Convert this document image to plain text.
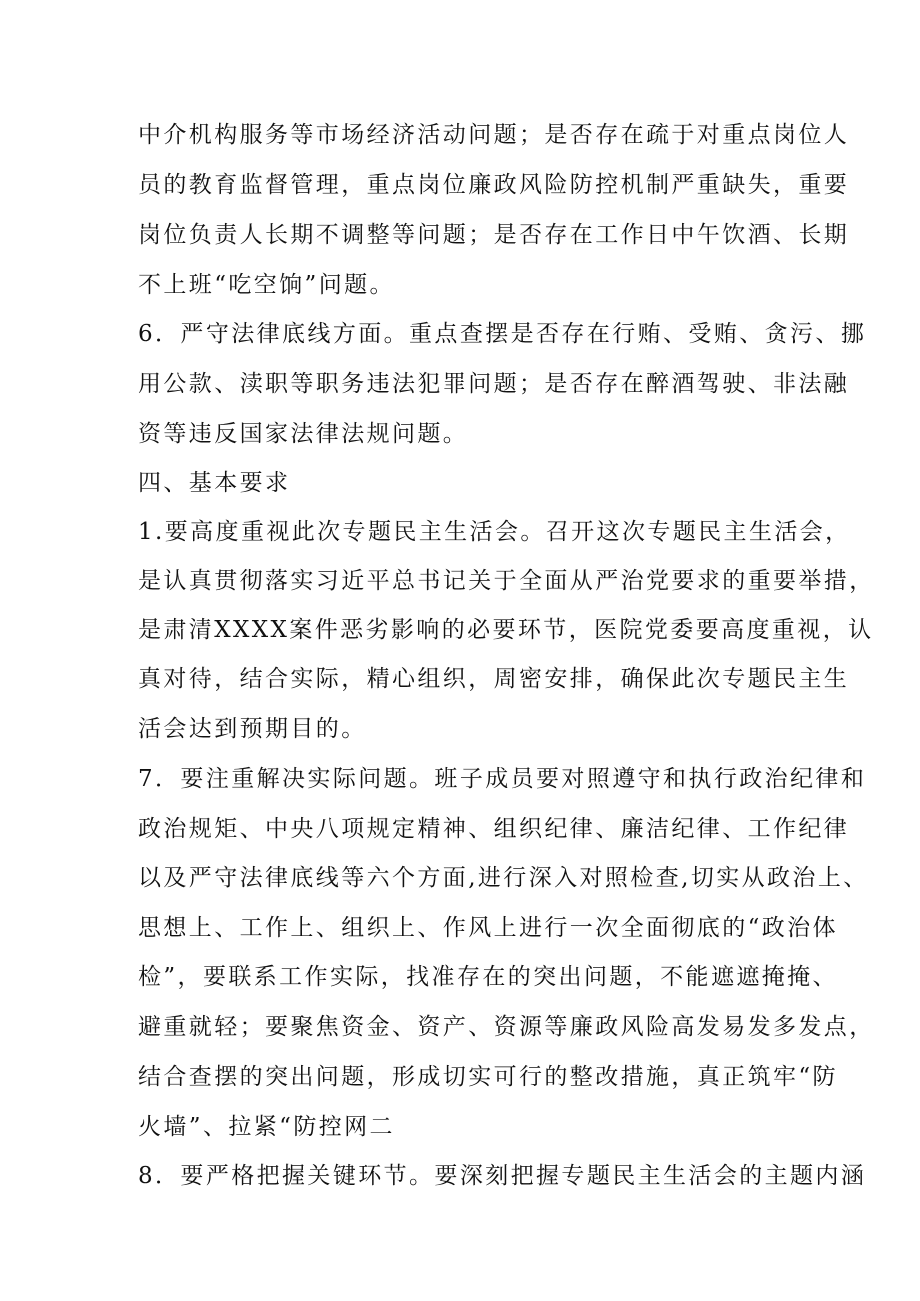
中介机构服务等市场经济活动问题；是否存在疏于对重点岗位人
员的教育监督管理，重点岗位廉政风险防控机制严重缺失，重要
岗位负责人长期不调整等问题；是否存在工作日中午饮酒、长期
不上班“吃空饷”问题。
6．严守法律底线方面。重点查摆是否存在行贿、受贿、贪污、挪
用公款、渎职等职务违法犯罪问题；是否存在醉酒驾驶、非法融
资等违反国家法律法规问题。
四、基本要求
1.要高度重视此次专题民主生活会。召开这次专题民主生活会，
是认真贯彻落实习近平总书记关于全面从严治党要求的重要举措，
是肃清XXXX案件恶劣影响的必要环节，医院党委要高度重视，认
真对待，结合实际，精心组织，周密安排，确保此次专题民主生
活会达到预期目的。
7．要注重解决实际问题。班子成员要对照遵守和执行政治纪律和
政治规矩、中央八项规定精神、组织纪律、廉洁纪律、工作纪律
以及严守法律底线等六个方面,进行深入对照检查,切实从政治上、
思想上、工作上、组织上、作风上进行一次全面彻底的“政治体
检”，要联系工作实际，找准存在的突出问题，不能遮遮掩掩、
避重就轻；要聚焦资金、资产、资源等廉政风险高发易发多发点，
结合查摆的突出问题，形成切实可行的整改措施，真正筑牢“防
火墙”、拉紧“防控网二
8．要严格把握关键环节。要深刻把握专题民主生活会的主题内涵
